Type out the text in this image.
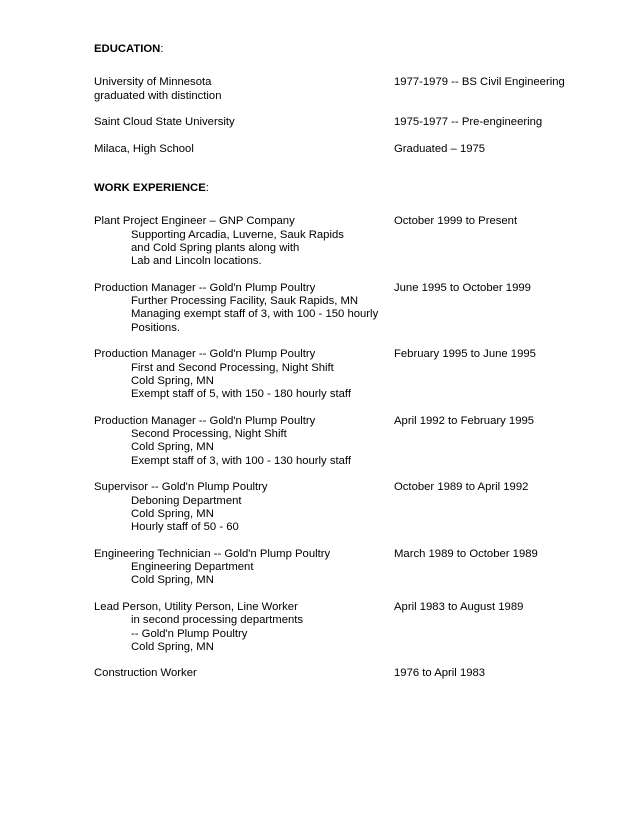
EDUCATION:
University of Minnesota	1977-1979 -- BS Civil Engineering
graduated with distinction
Saint Cloud State University	1975-1977 -- Pre-engineering
Milaca, High School	Graduated – 1975
WORK EXPERIENCE:
Plant Project Engineer – GNP Company	October 1999 to Present
Supporting Arcadia, Luverne, Sauk Rapids
and Cold Spring plants along with
Lab and Lincoln locations.
Production Manager -- Gold'n Plump Poultry	June 1995 to October 1999
Further Processing Facility, Sauk Rapids, MN
Managing exempt staff of 3, with 100 - 150 hourly
Positions.
Production Manager -- Gold'n Plump Poultry	February 1995 to June 1995
First and Second Processing, Night Shift
Cold Spring, MN
Exempt staff of 5, with 150 - 180 hourly staff
Production Manager -- Gold'n Plump Poultry	April 1992 to February 1995
Second Processing, Night Shift
Cold Spring, MN
Exempt staff of 3, with 100 - 130 hourly staff
Supervisor -- Gold'n Plump Poultry	October 1989 to April 1992
Deboning Department
Cold Spring, MN
Hourly staff of 50 - 60
Engineering Technician -- Gold'n Plump Poultry	March 1989 to October 1989
Engineering Department
Cold Spring, MN
Lead Person, Utility Person, Line Worker	April 1983 to August 1989
in second processing departments
-- Gold'n Plump Poultry
Cold Spring, MN
Construction Worker	1976 to April 1983
